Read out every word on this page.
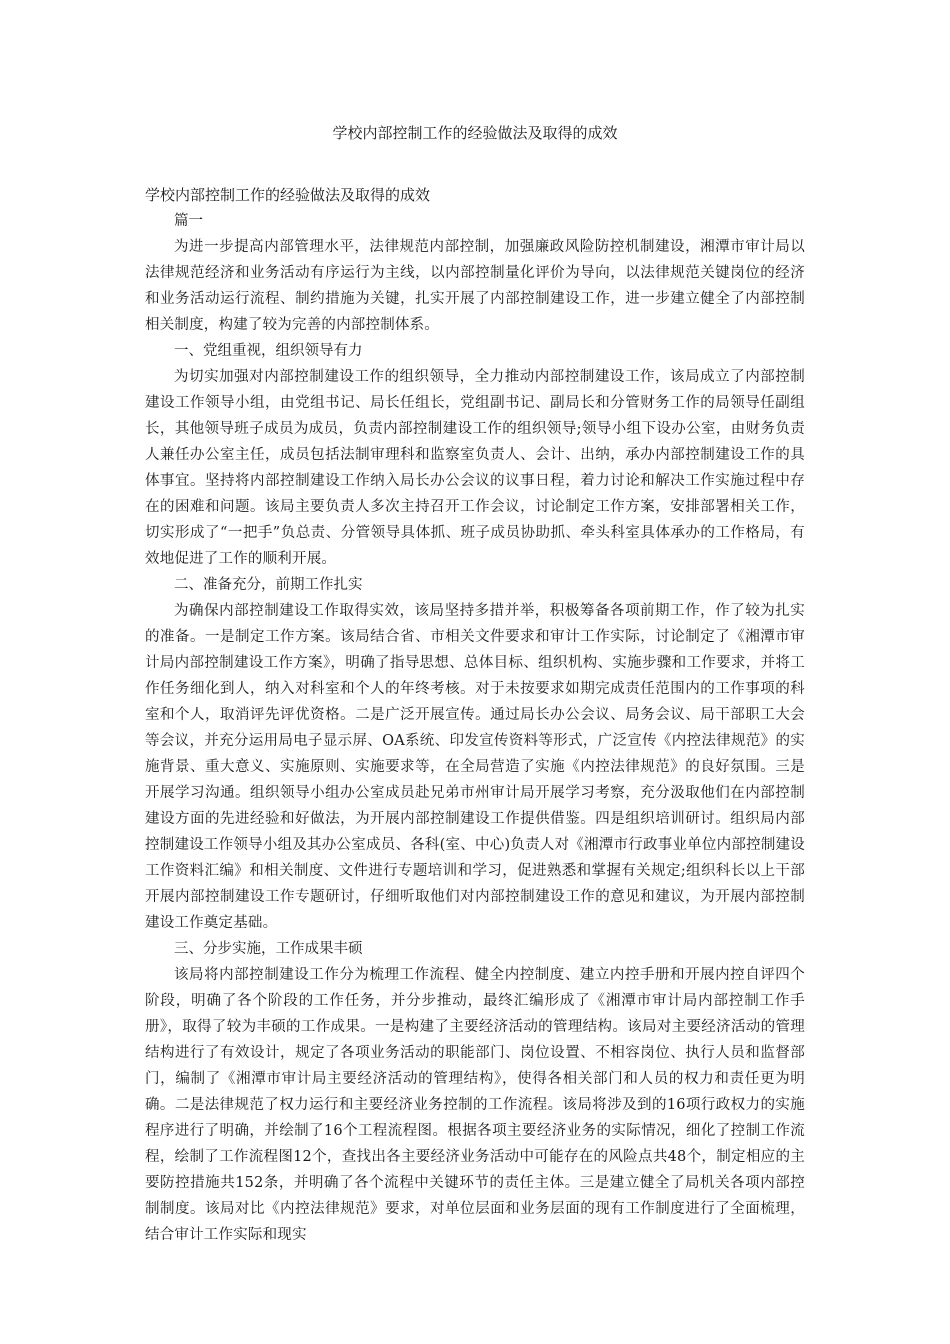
学校内部控制工作的经验做法及取得的成效
学校内部控制工作的经验做法及取得的成效

篇一

为进一步提高内部管理水平，法律规范内部控制，加强廉政风险防控机制建设，湘潭市审计局以法律规范经济和业务活动有序运行为主线，以内部控制量化评价为导向，以法律规范关键岗位的经济和业务活动运行流程、制约措施为关键，扎实开展了内部控制建设工作，进一步建立健全了内部控制相关制度，构建了较为完善的内部控制体系。

一、党组重视，组织领导有力

为切实加强对内部控制建设工作的组织领导，全力推动内部控制建设工作，该局成立了内部控制建设工作领导小组，由党组书记、局长任组长，党组副书记、副局长和分管财务工作的局领导任副组长，其他领导班子成员为成员，负责内部控制建设工作的组织领导;领导小组下设办公室，由财务负责人兼任办公室主任，成员包括法制审理科和监察室负责人、会计、出纳，承办内部控制建设工作的具体事宜。坚持将内部控制建设工作纳入局长办公会议的议事日程，着力讨论和解决工作实施过程中存在的困难和问题。该局主要负责人多次主持召开工作会议，讨论制定工作方案，安排部署相关工作，切实形成了“一把手”负总责、分管领导具体抓、班子成员协助抓、牵头科室具体承办的工作格局，有效地促进了工作的顺利开展。

二、准备充分，前期工作扎实

为确保内部控制建设工作取得实效，该局坚持多措并举，积极筹备各项前期工作，作了较为扎实的准备。一是制定工作方案。该局结合省、市相关文件要求和审计工作实际，讨论制定了《湘潭市审计局内部控制建设工作方案》，明确了指导思想、总体目标、组织机构、实施步骤和工作要求，并将工作任务细化到人，纳入对科室和个人的年终考核。对于未按要求如期完成责任范围内的工作事项的科室和个人，取消评先评优资格。二是广泛开展宣传。通过局长办公会议、局务会议、局干部职工大会等会议，并充分运用局电子显示屏、OA系统、印发宣传资料等形式，广泛宣传《内控法律规范》的实施背景、重大意义、实施原则、实施要求等，在全局营造了实施《内控法律规范》的良好氛围。三是开展学习沟通。组织领导小组办公室成员赴兄弟市州审计局开展学习考察，充分汲取他们在内部控制建设方面的先进经验和好做法，为开展内部控制建设工作提供借鉴。四是组织培训研讨。组织局内部控制建设工作领导小组及其办公室成员、各科(室、中心)负责人对《湘潭市行政事业单位内部控制建设工作资料汇编》和相关制度、文件进行专题培训和学习，促进熟悉和掌握有关规定;组织科长以上干部开展内部控制建设工作专题研讨，仔细听取他们对内部控制建设工作的意见和建议，为开展内部控制建设工作奠定基础。

三、分步实施，工作成果丰硕

该局将内部控制建设工作分为梳理工作流程、健全内控制度、建立内控手册和开展内控自评四个阶段，明确了各个阶段的工作任务，并分步推动，最终汇编形成了《湘潭市审计局内部控制工作手册》，取得了较为丰硕的工作成果。一是构建了主要经济活动的管理结构。该局对主要经济活动的管理结构进行了有效设计，规定了各项业务活动的职能部门、岗位设置、不相容岗位、执行人员和监督部门，编制了《湘潭市审计局主要经济活动的管理结构》，使得各相关部门和人员的权力和责任更为明确。二是法律规范了权力运行和主要经济业务控制的工作流程。该局将涉及到的16项行政权力的实施程序进行了明确，并绘制了16个工程流程图。根据各项主要经济业务的实际情况，细化了控制工作流程，绘制了工作流程图12个，查找出各主要经济业务活动中可能存在的风险点共48个，制定相应的主要防控措施共152条，并明确了各个流程中关键环节的责任主体。三是建立健全了局机关各项内部控制制度。该局对比《内控法律规范》要求，对单位层面和业务层面的现有工作制度进行了全面梳理，结合审计工作实际和现实
